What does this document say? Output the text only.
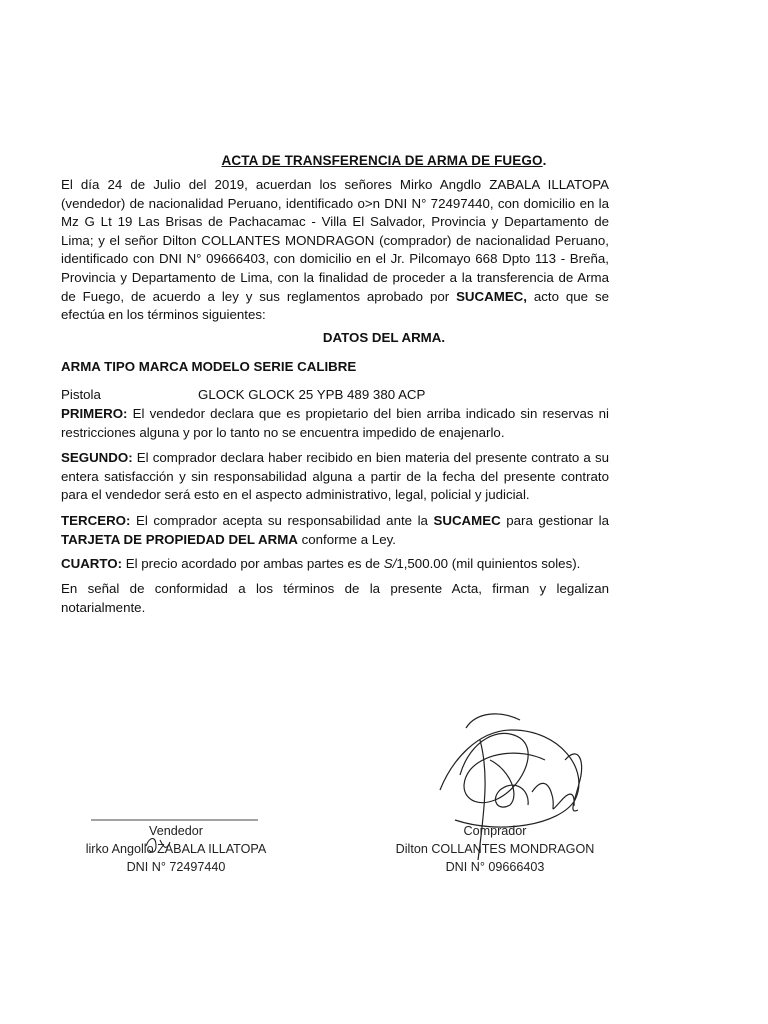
ACTA DE TRANSFERENCIA DE ARMA DE FUEGO.
El día 24 de Julio del 2019, acuerdan los señores Mirko Angdlo ZABALA ILLATOPA (vendedor) de nacionalidad Peruano, identificado o>n DNI N° 72497440, con domicilio en la Mz G Lt 19 Las Brisas de Pachacamac - Villa El Salvador, Provincia y Departamento de Lima; y el señor Dilton COLLANTES MONDRAGON (comprador) de nacionalidad Peruano, identificado con DNI N° 09666403, con domicilio en el Jr. Pilcomayo 668 Dpto 113 - Breña, Provincia y Departamento de Lima, con la finalidad de proceder a la transferencia de Arma de Fuego, de acuerdo a ley y sus reglamentos aprobado por SUCAMEC, acto que se efectúa en los términos siguientes:
DATOS DEL ARMA.
ARMA TIPO MARCA MODELO SERIE CALIBRE
Pistola	GLOCK GLOCK 25 YPB 489 380 ACP
PRIMERO: El vendedor declara que es propietario del bien arriba indicado sin reservas ni restricciones alguna y por lo tanto no se encuentra impedido de enajenarlo.
SEGUNDO: El comprador declara haber recibido en bien materia del presente contrato a su entera satisfacción y sin responsabilidad alguna a partir de la fecha del presente contrato para el vendedor será esto en el aspecto administrativo, legal, policial y judicial.
TERCERO: El comprador acepta su responsabilidad ante la SUCAMEC para gestionar la TARJETA DE PROPIEDAD DEL ARMA conforme a Ley.
CUARTO: El precio acordado por ambas partes es de S/1,500.00 (mil quinientos soles).
En señal de conformidad a los términos de la presente Acta, firman y legalizan notarialmente.
Vendedor
lirko Angollo ZABALA ILLATOPA
DNI N° 72497440
Comprador
Dilton COLLANTES MONDRAGON
DNI N° 09666403
